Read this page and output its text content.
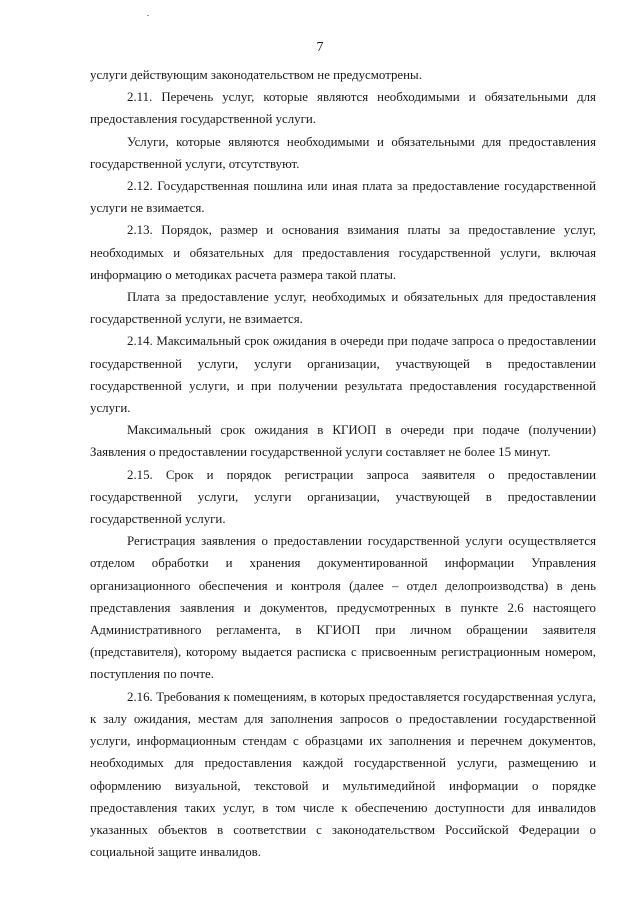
7

услуги действующим законодательством не предусмотрены.

2.11. Перечень услуг, которые являются необходимыми и обязательными для предоставления государственной услуги.

Услуги, которые являются необходимыми и обязательными для предоставления государственной услуги, отсутствуют.

2.12. Государственная пошлина или иная плата за предоставление государственной услуги не взимается.

2.13. Порядок, размер и основания взимания платы за предоставление услуг, необходимых и обязательных для предоставления государственной услуги, включая информацию о методиках расчета размера такой платы.

Плата за предоставление услуг, необходимых и обязательных для предоставления государственной услуги, не взимается.

2.14. Максимальный срок ожидания в очереди при подаче запроса о предоставлении государственной услуги, услуги организации, участвующей в предоставлении государственной услуги, и при получении результата предоставления государственной услуги.

Максимальный срок ожидания в КГИОП в очереди при подаче (получении) Заявления о предоставлении государственной услуги составляет не более 15 минут.

2.15. Срок и порядок регистрации запроса заявителя о предоставлении государственной услуги, услуги организации, участвующей в предоставлении государственной услуги.

Регистрация заявления о предоставлении государственной услуги осуществляется отделом обработки и хранения документированной информации Управления организационного обеспечения и контроля (далее – отдел делопроизводства) в день представления заявления и документов, предусмотренных в пункте 2.6 настоящего Административного регламента, в КГИОП при личном обращении заявителя (представителя), которому выдается расписка с присвоенным регистрационным номером, поступления по почте.

2.16. Требования к помещениям, в которых предоставляется государственная услуга, к залу ожидания, местам для заполнения запросов о предоставлении государственной услуги, информационным стендам с образцами их заполнения и перечнем документов, необходимых для предоставления каждой государственной услуги, размещению и оформлению визуальной, текстовой и мультимедийной информации о порядке предоставления таких услуг, в том числе к обеспечению доступности для инвалидов указанных объектов в соответствии с законодательством Российской Федерации о социальной защите инвалидов.
